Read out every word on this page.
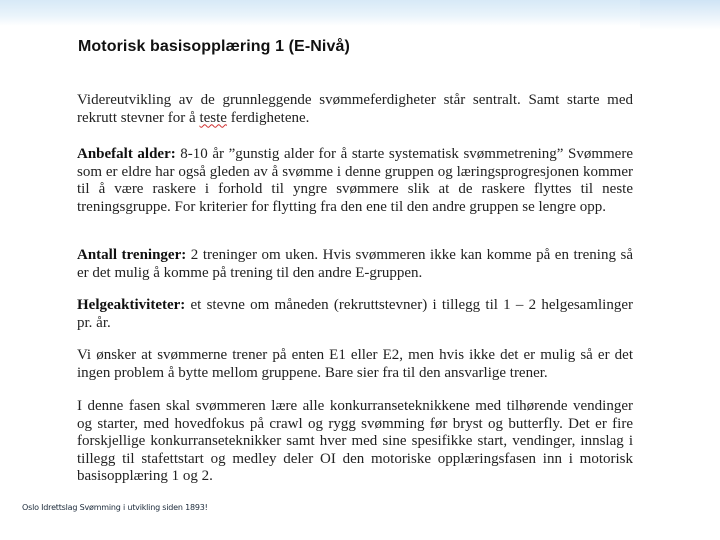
Motorisk basisopplæring 1 (E-Nivå)

Videreutvikling av de grunnleggende svømmeferdigheter står sentralt. Samt starte med rekrutt stevner for å teste ferdighetene.

Anbefalt alder: 8-10 år ”gunstig alder for å starte systematisk svømmetrening” Svømmere som er eldre har også gleden av å svømme i denne gruppen og læringsprogresjonen kommer til å være raskere i forhold til yngre svømmere slik at de raskere flyttes til neste treningsgruppe. For kriterier for flytting fra den ene til den andre gruppen se lengre opp.

Antall treninger: 2 treninger om uken. Hvis svømmeren ikke kan komme på en trening så er det mulig å komme på trening til den andre E-gruppen.

Helgeaktiviteter: et stevne om måneden (rekruttstevner) i tillegg til 1 – 2 helgesamlinger pr. år.

Vi ønsker at svømmerne trener på enten E1 eller E2, men hvis ikke det er mulig så er det ingen problem å bytte mellom gruppene. Bare sier fra til den ansvarlige trener.

I denne fasen skal svømmeren lære alle konkurranseteknikkene med tilhørende vendinger og starter, med hovedfokus på crawl og rygg svømming før bryst og butterfly. Det er fire forskjellige konkurranseteknikker samt hver med sine spesifikke start, vendinger, innslag i tillegg til stafettstart og medley deler OI den motoriske opplæringsfasen inn i motorisk basisopplæring 1 og 2.

Oslo Idrettslag Svømming i utvikling siden 1893!
